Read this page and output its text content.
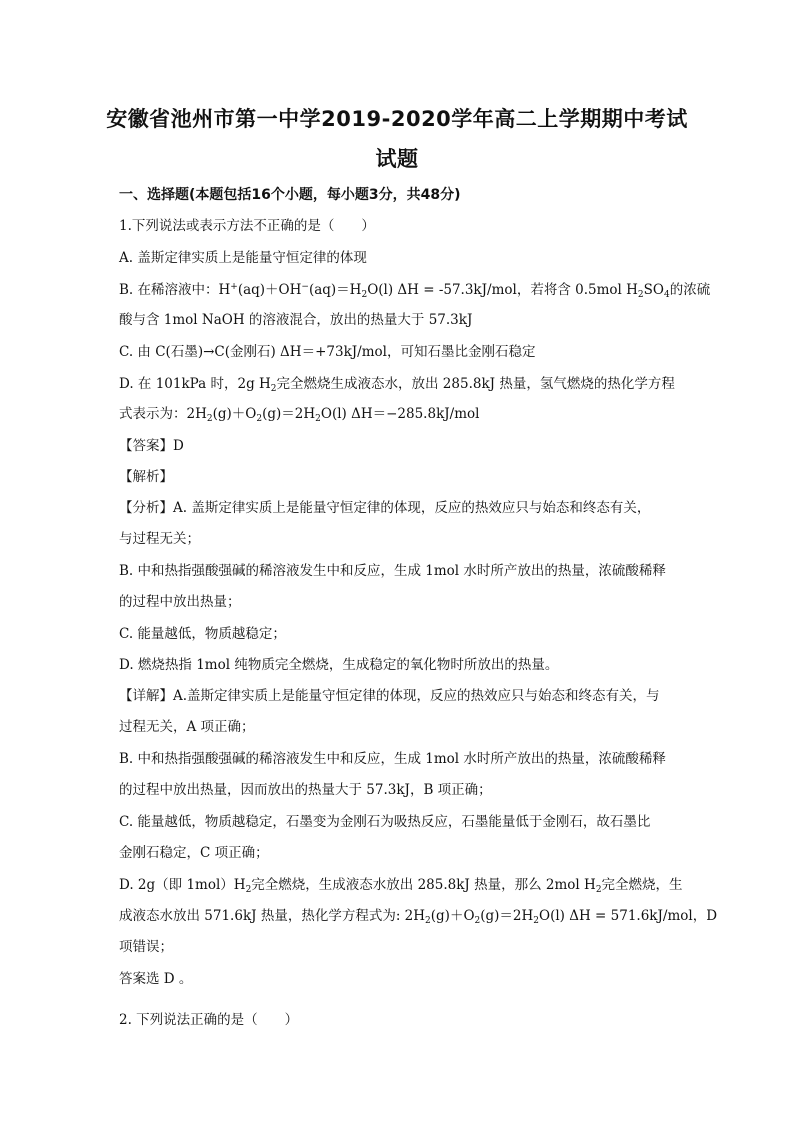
安徽省池州市第一中学2019-2020学年高二上学期期中考试
试题
一、选择题(本题包括16个小题，每小题3分，共48分)
1.下列说法或表示方法不正确的是（　　）
A. 盖斯定律实质上是能量守恒定律的体现
B. 在稀溶液中：$H^+(aq)+OH^-(aq)=H_2O(l) \Delta H = -57.3kJ/mol$，若将含 0.5mol $H_2SO_4$的浓硫
酸与含 1mol NaOH 的溶液混合，放出的热量大于 57.3kJ
C. 由 C(石墨)→C(金刚石) ΔH＝+73kJ/mol，可知石墨比金刚石稳定
D. 在 101kPa 时，2g $H_2$完全燃烧生成液态水，放出 285.8kJ 热量，氢气燃烧的热化学方程
式表示为：$2H_2(g)+O_2(g)=2H_2O(l)$ ΔH＝−285.8kJ/mol
【答案】D
【解析】
【分析】A. 盖斯定律实质上是能量守恒定律的体现，反应的热效应只与始态和终态有关，
与过程无关；
B. 中和热指强酸强碱的稀溶液发生中和反应，生成 1mol 水时所产放出的热量，浓硫酸稀释
的过程中放出热量；
C. 能量越低，物质越稳定；
D. 燃烧热指 1mol 纯物质完全燃烧，生成稳定的氧化物时所放出的热量。
【详解】A.盖斯定律实质上是能量守恒定律的体现，反应的热效应只与始态和终态有关，与
过程无关，A 项正确；
B. 中和热指强酸强碱的稀溶液发生中和反应，生成 1mol 水时所产放出的热量，浓硫酸稀释
的过程中放出热量，因而放出的热量大于 57.3kJ，B 项正确；
C. 能量越低，物质越稳定，石墨变为金刚石为吸热反应，石墨能量低于金刚石，故石墨比
金刚石稳定，C 项正确；
D. 2g（即 $1mol)H_2$完全燃烧，生成液态水放出 285.8kJ 热量，那么 2mol $H_2$完全燃烧，生
成液态水放出 571.6kJ 热量，热化学方程式为: $2H_2(g)+O_2(g)=2H_2O(l) \Delta H = 571.6kJ/mol$，D
项错误；
答案选 D 。
2. 下列说法正确的是（　　）
